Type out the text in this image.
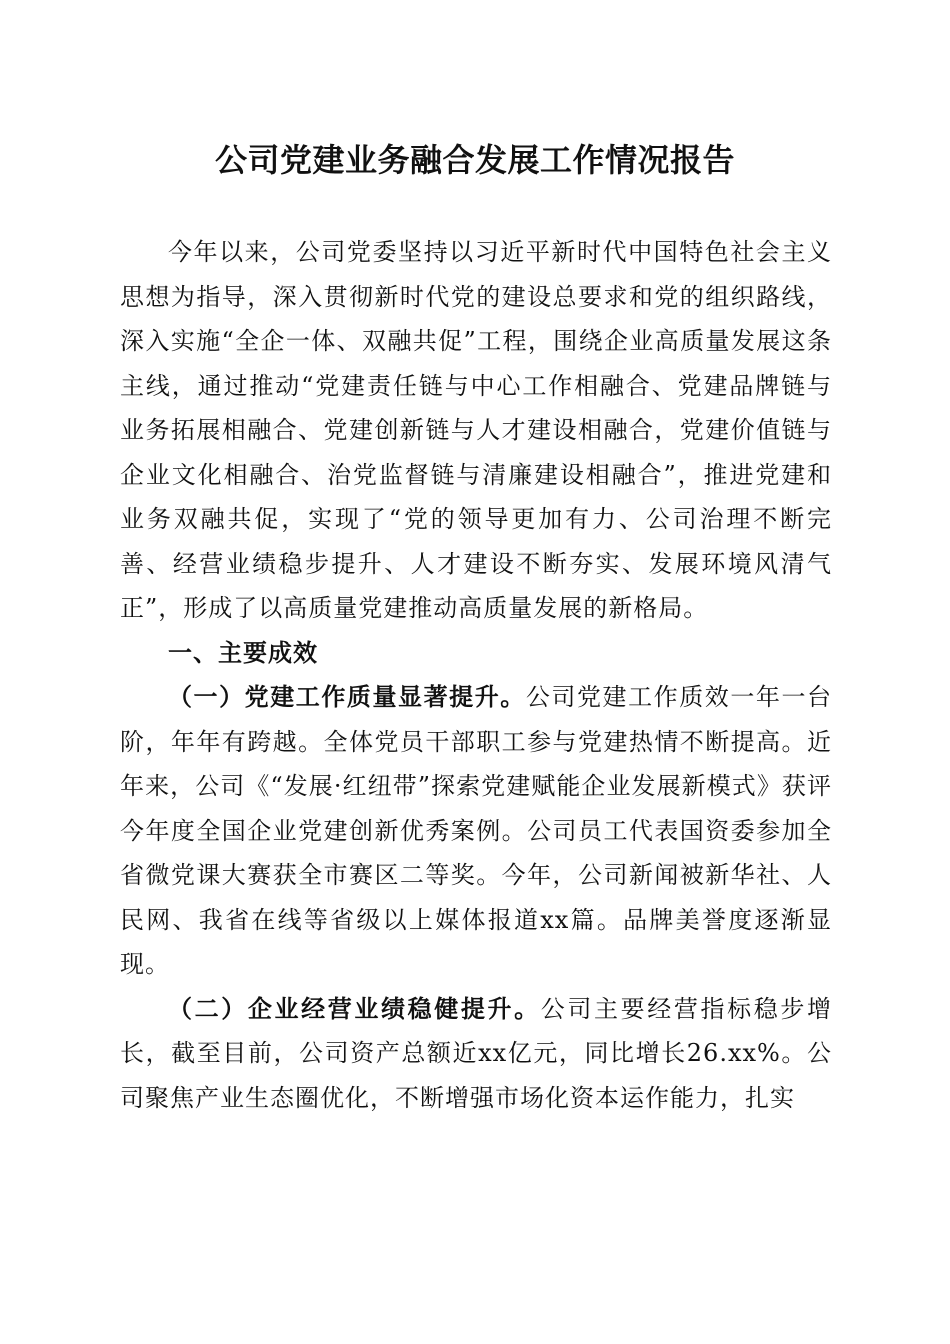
公司党建业务融合发展工作情况报告

今年以来，公司党委坚持以习近平新时代中国特色社会主义思想为指导，深入贯彻新时代党的建设总要求和党的组织路线，深入实施“全企一体、双融共促”工程，围绕企业高质量发展这条主线，通过推动“党建责任链与中心工作相融合、党建品牌链与业务拓展相融合、党建创新链与人才建设相融合，党建价值链与企业文化相融合、治党监督链与清廉建设相融合”，推进党建和业务双融共促，实现了“党的领导更加有力、公司治理不断完善、经营业绩稳步提升、人才建设不断夯实、发展环境风清气正”，形成了以高质量党建推动高质量发展的新格局。

一、主要成效

（一）党建工作质量显著提升。公司党建工作质效一年一台阶，年年有跨越。全体党员干部职工参与党建热情不断提高。近年来，公司《“发展·红纽带”探索党建赋能企业发展新模式》获评今年度全国企业党建创新优秀案例。公司员工代表国资委参加全省微党课大赛获全市赛区二等奖。今年，公司新闻被新华社、人民网、我省在线等省级以上媒体报道xx篇。品牌美誉度逐渐显现。

（二）企业经营业绩稳健提升。公司主要经营指标稳步增长，截至目前，公司资产总额近xx亿元，同比增长26.xx%。公司聚焦产业生态圈优化，不断增强市场化资本运作能力，扎实
